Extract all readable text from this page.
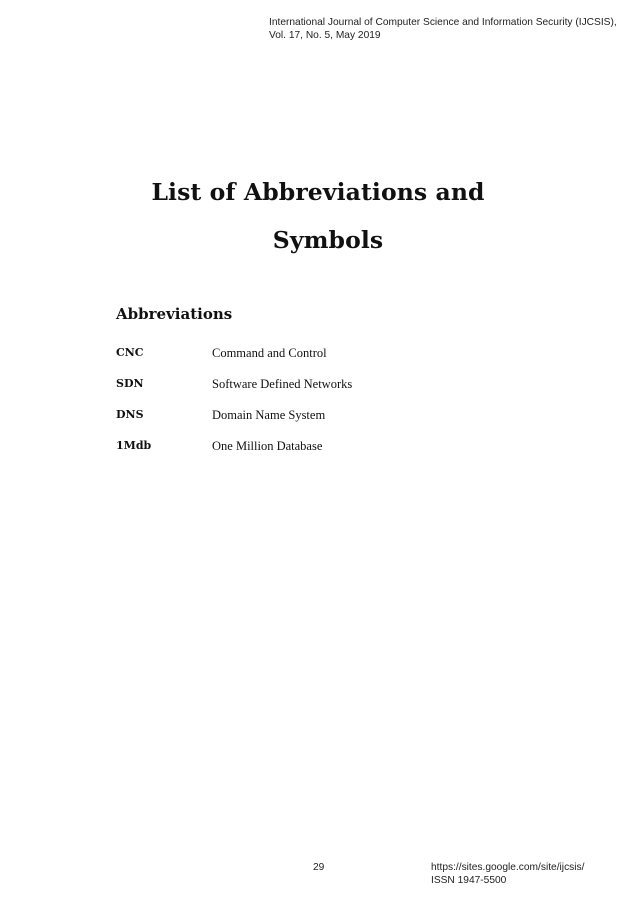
International Journal of Computer Science and Information Security (IJCSIS),
Vol. 17, No. 5, May 2019
List of Abbreviations and
Symbols
Abbreviations
CNC	Command and Control
SDN	Software Defined Networks
DNS	Domain Name System
1Mdb	One Million Database
29	https://sites.google.com/site/ijcsis/
ISSN 1947-5500
